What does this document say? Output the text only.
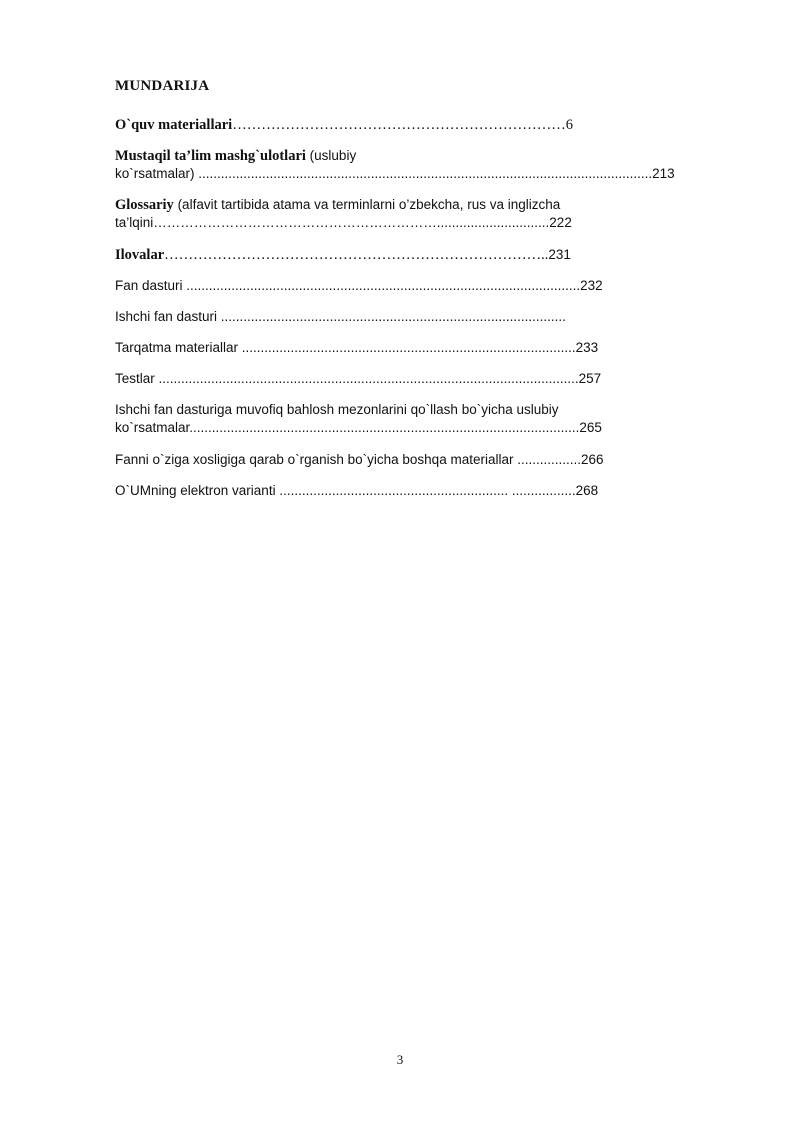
MUNDARIJA
O`quv materiallari……………………………………………………………6
Mustaqil ta’lim mashg`ulotlari (uslubiy
ko`rsatmalar) .........................................................................................................................213
Glossariy (alfavit tartibida atama va terminlarni o’zbekcha, rus va inglizcha
ta’lqini………………………………………………………..............................222
Ilovalar……………………………………………………………………..231
Fan dasturi .........................................................................................................232
Ishchi fan dasturi ............................................................................................
Tarqatma materiallar .........................................................................................233
Testlar ................................................................................................................257
Ishchi fan dasturiga muvofiq bahlosh mezonlarini qo`llash bo`yicha uslubiy
ko`rsatmalar........................................................................................................265
Fanni o`ziga xosligiga qarab o`rganish bo`yicha boshqa materiallar .................266
O`UMning elektron varianti ............................................................. .................268
3
